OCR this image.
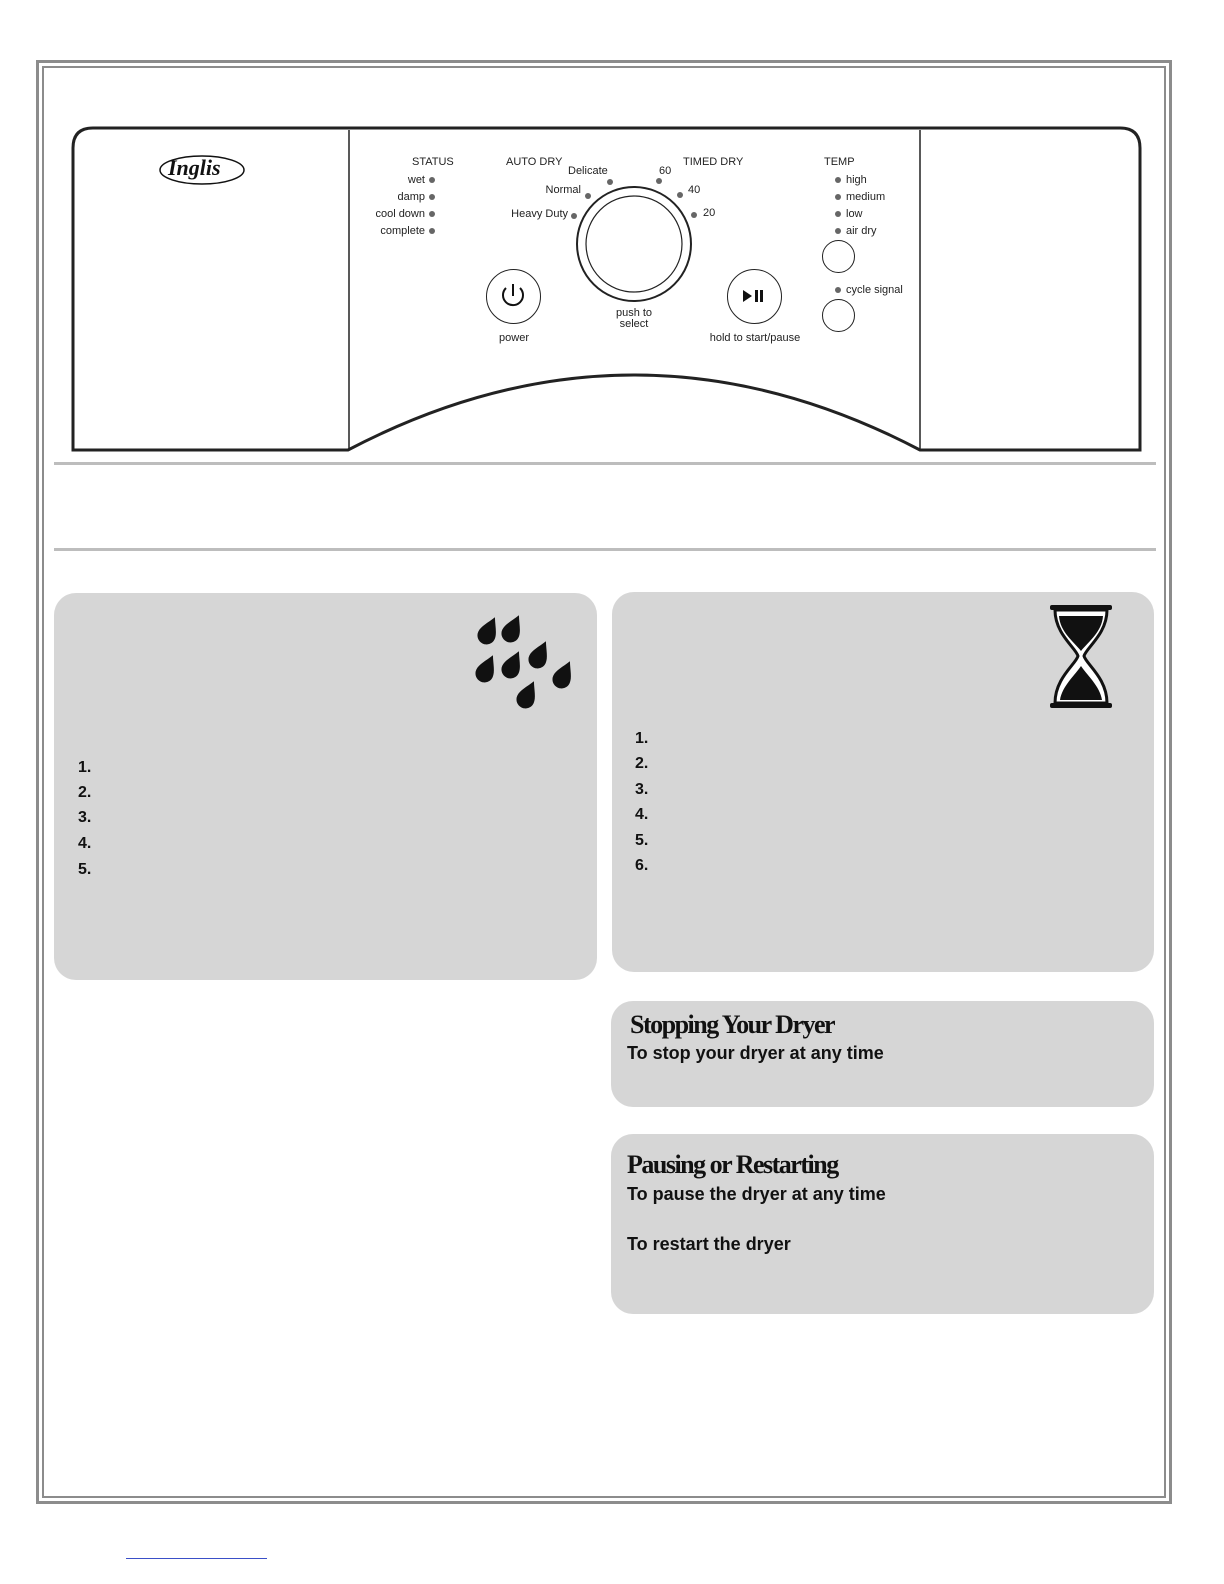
Inglis	STATUS
wet
damp
cool down
complete
AUTO DRY
Delicate
Normal
Heavy Duty
TIMED DRY
60
40
20
TEMP
high
medium
low
air dry
cycle signal
power
push to
select
hold to start/pause
1.
2.
3.
4.
5.
1.
2.
3.
4.
5.
6.
Stopping Your Dryer
To stop your dryer at any time
Pausing or Restarting
To pause the dryer at any time
To restart the dryer
